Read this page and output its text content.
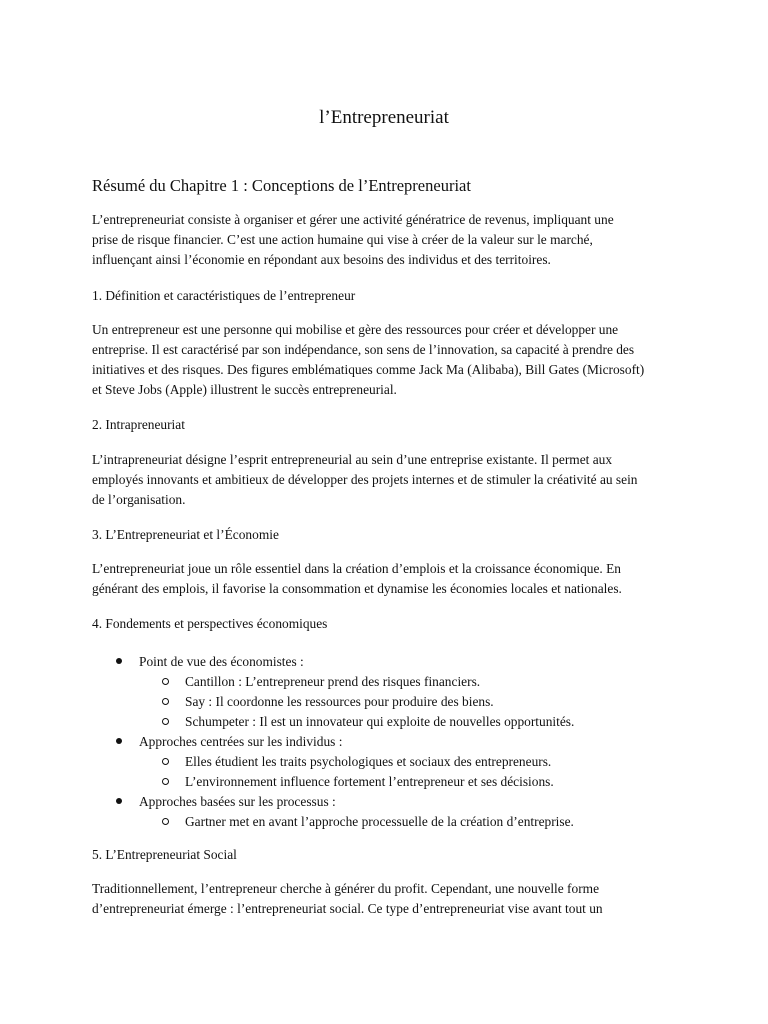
l’Entrepreneuriat
Résumé du Chapitre 1 : Conceptions de l’Entrepreneuriat

L’entrepreneuriat consiste à organiser et gérer une activité génératrice de revenus, impliquant une
prise de risque financier. C’est une action humaine qui vise à créer de la valeur sur le marché,
influençant ainsi l’économie en répondant aux besoins des individus et des territoires.

1. Définition et caractéristiques de l’entrepreneur

Un entrepreneur est une personne qui mobilise et gère des ressources pour créer et développer une
entreprise. Il est caractérisé par son indépendance, son sens de l’innovation, sa capacité à prendre des
initiatives et des risques. Des figures emblématiques comme Jack Ma (Alibaba), Bill Gates (Microsoft)
et Steve Jobs (Apple) illustrent le succès entrepreneurial.

2. Intrapreneuriat

L’intrapreneuriat désigne l’esprit entrepreneurial au sein d’une entreprise existante. Il permet aux
employés innovants et ambitieux de développer des projets internes et de stimuler la créativité au sein
de l’organisation.

3. L’Entrepreneuriat et l’Économie

L’entrepreneuriat joue un rôle essentiel dans la création d’emplois et la croissance économique. En
générant des emplois, il favorise la consommation et dynamise les économies locales et nationales.

4. Fondements et perspectives économiques

Point de vue des économistes :
Cantillon : L’entrepreneur prend des risques financiers.
Say : Il coordonne les ressources pour produire des biens.
Schumpeter : Il est un innovateur qui exploite de nouvelles opportunités.
Approches centrées sur les individus :
Elles étudient les traits psychologiques et sociaux des entrepreneurs.
L’environnement influence fortement l’entrepreneur et ses décisions.
Approches basées sur les processus :
Gartner met en avant l’approche processuelle de la création d’entreprise.

5. L’Entrepreneuriat Social

Traditionnellement, l’entrepreneur cherche à générer du profit. Cependant, une nouvelle forme
d’entrepreneuriat émerge : l’entrepreneuriat social. Ce type d’entrepreneuriat vise avant tout un
